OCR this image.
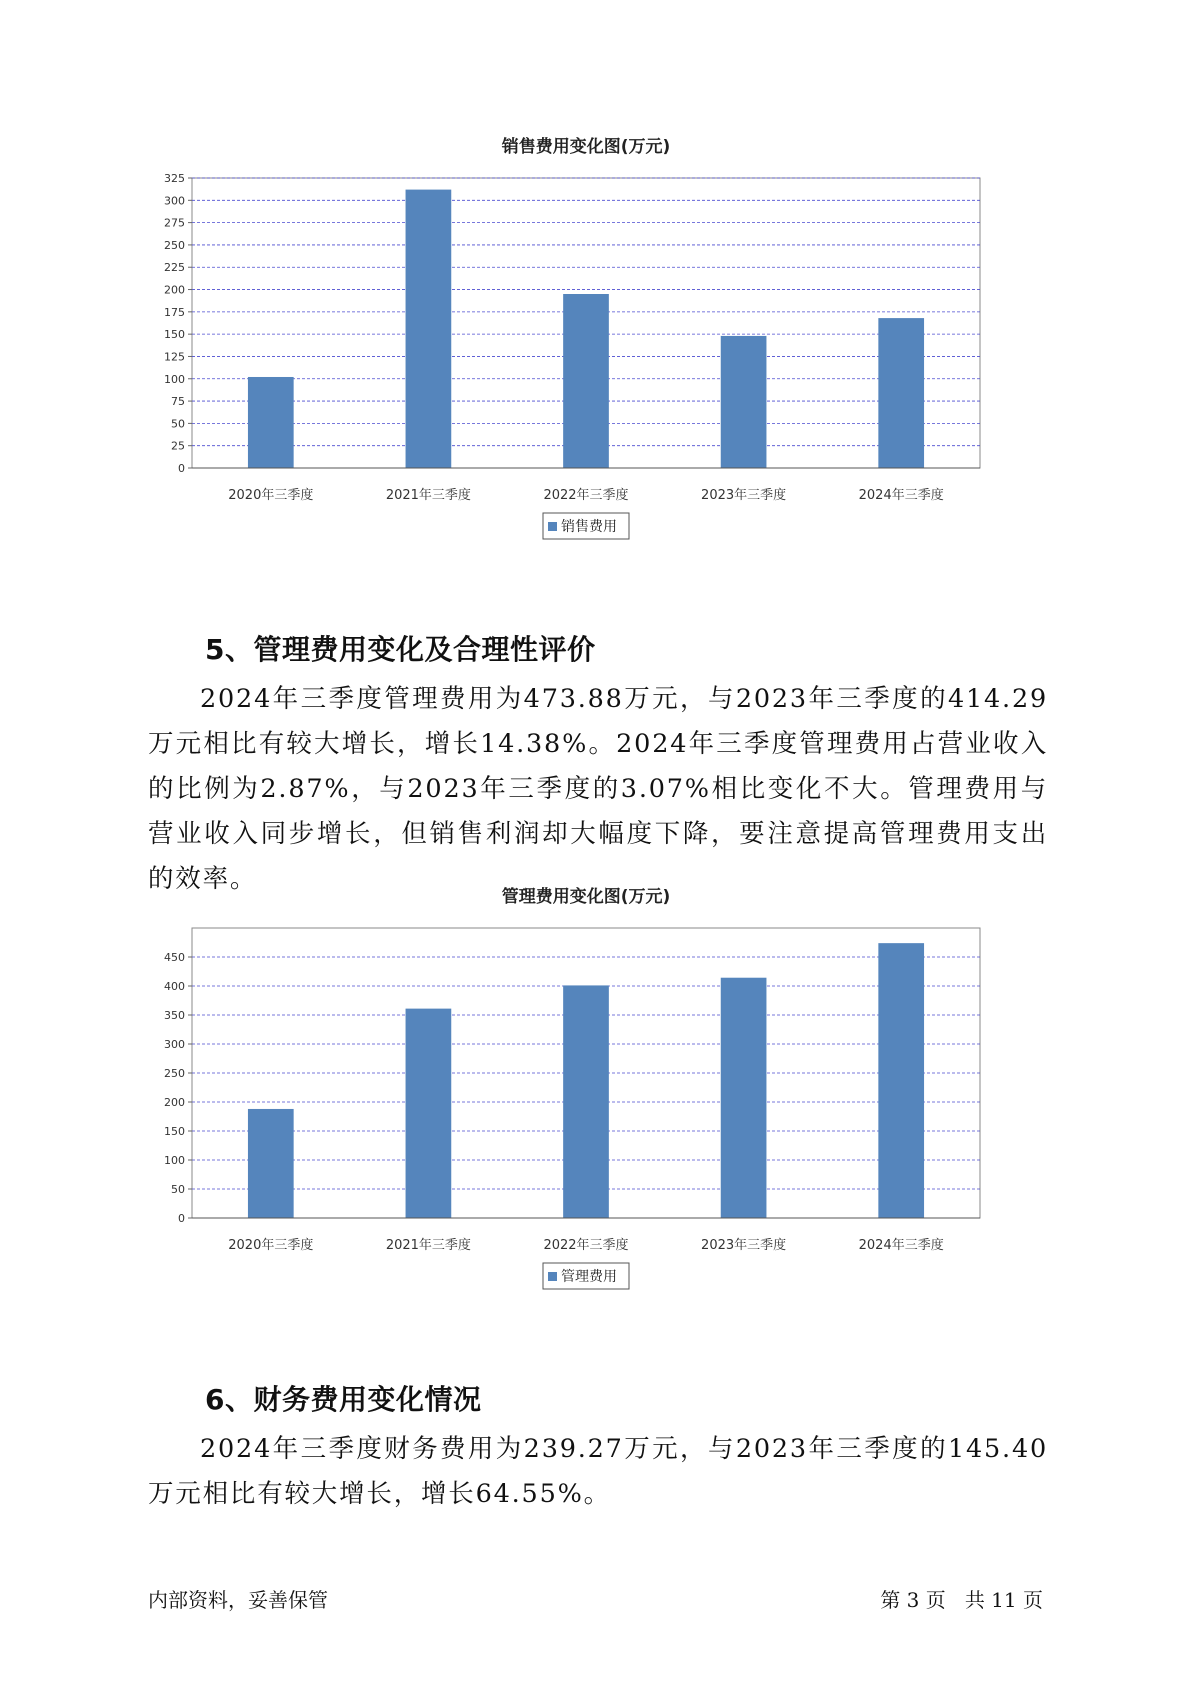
销售费用变化图(万元)
0
25
50
75
100
125
150
175
200
225
250
275
300
325
2020年三季度	2021年三季度	2022年三季度	2023年三季度	2024年三季度
销售费用
5、管理费用变化及合理性评价

2024年三季度管理费用为473.88万元，与2023年三季度的414.29万元相比有较大增长，增长14.38%。2024年三季度管理费用占营业收入的比例为2.87%，与2023年三季度的3.07%相比变化不大。管理费用与营业收入同步增长，但销售利润却大幅度下降，要注意提高管理费用支出的效率。

管理费用变化图(万元)
0
50
100
150
200
250
300
350
400
450
2020年三季度	2021年三季度	2022年三季度	2023年三季度	2024年三季度
管理费用
6、财务费用变化情况

2024年三季度财务费用为239.27万元，与2023年三季度的145.40万元相比有较大增长，增长64.55%。

内部资料，妥善保管	第 3 页   共 11 页
